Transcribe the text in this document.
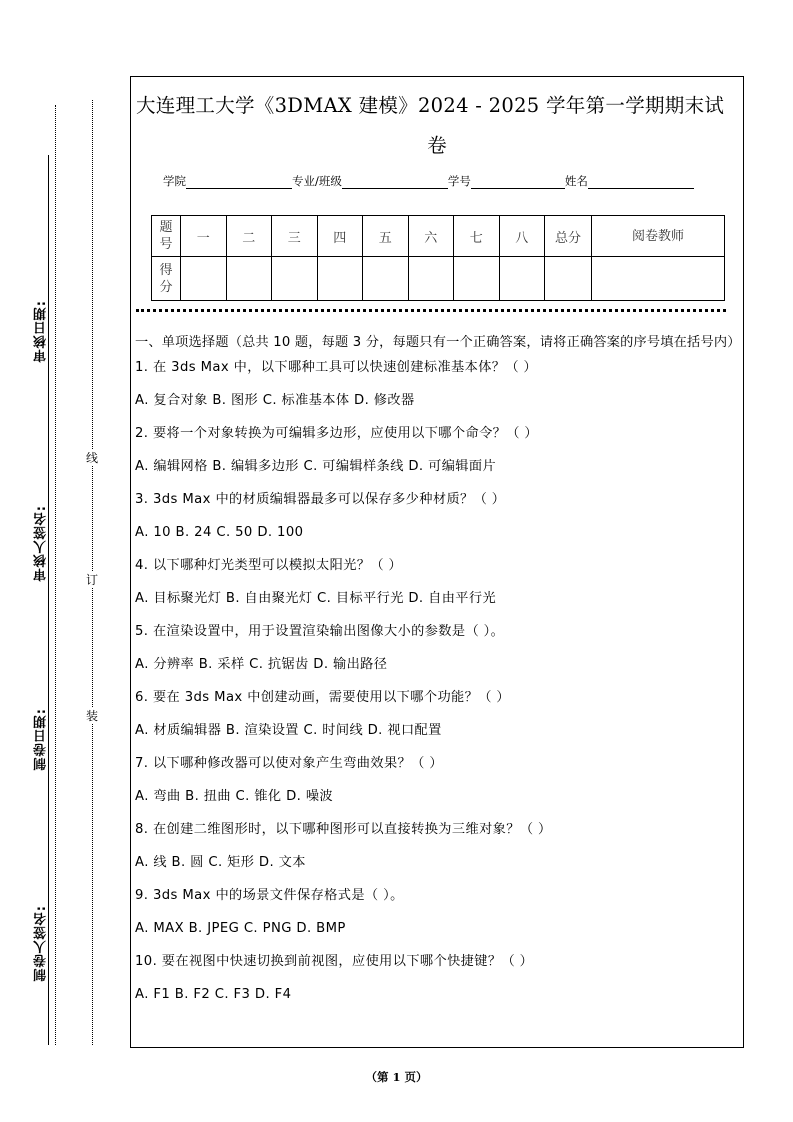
审核日期:
审核人签名:
制卷日期:
制卷人签名:
线
订
装
大连理工大学《3DMAX 建模》2024 - 2025 学年第一学期期末试
卷
学院	专业/班级	学号	姓名
题号	一	二	三	四	五	六	七	八	总分	阅卷教师
得分										
一、单项选择题（总共 10 题，每题 3 分，每题只有一个正确答案，请将正确答案的序号填在括号内）
1. 在 3ds Max 中，以下哪种工具可以快速创建标准基本体？（ ）
A. 复合对象 B. 图形 C. 标准基本体 D. 修改器
2. 要将一个对象转换为可编辑多边形，应使用以下哪个命令？（ ）
A. 编辑网格 B. 编辑多边形 C. 可编辑样条线 D. 可编辑面片
3. 3ds Max 中的材质编辑器最多可以保存多少种材质？（ ）
A. 10 B. 24 C. 50 D. 100
4. 以下哪种灯光类型可以模拟太阳光？（ ）
A. 目标聚光灯 B. 自由聚光灯 C. 目标平行光 D. 自由平行光
5. 在渲染设置中，用于设置渲染输出图像大小的参数是（ ）。
A. 分辨率 B. 采样 C. 抗锯齿 D. 输出路径
6. 要在 3ds Max 中创建动画，需要使用以下哪个功能？（ ）
A. 材质编辑器 B. 渲染设置 C. 时间线 D. 视口配置
7. 以下哪种修改器可以使对象产生弯曲效果？（ ）
A. 弯曲 B. 扭曲 C. 锥化 D. 噪波
8. 在创建二维图形时，以下哪种图形可以直接转换为三维对象？（ ）
A. 线 B. 圆 C. 矩形 D. 文本
9. 3ds Max 中的场景文件保存格式是（ ）。
A. MAX B. JPEG C. PNG D. BMP
10. 要在视图中快速切换到前视图，应使用以下哪个快捷键？（ ）
A. F1 B. F2 C. F3 D. F4
（第 1 页）
